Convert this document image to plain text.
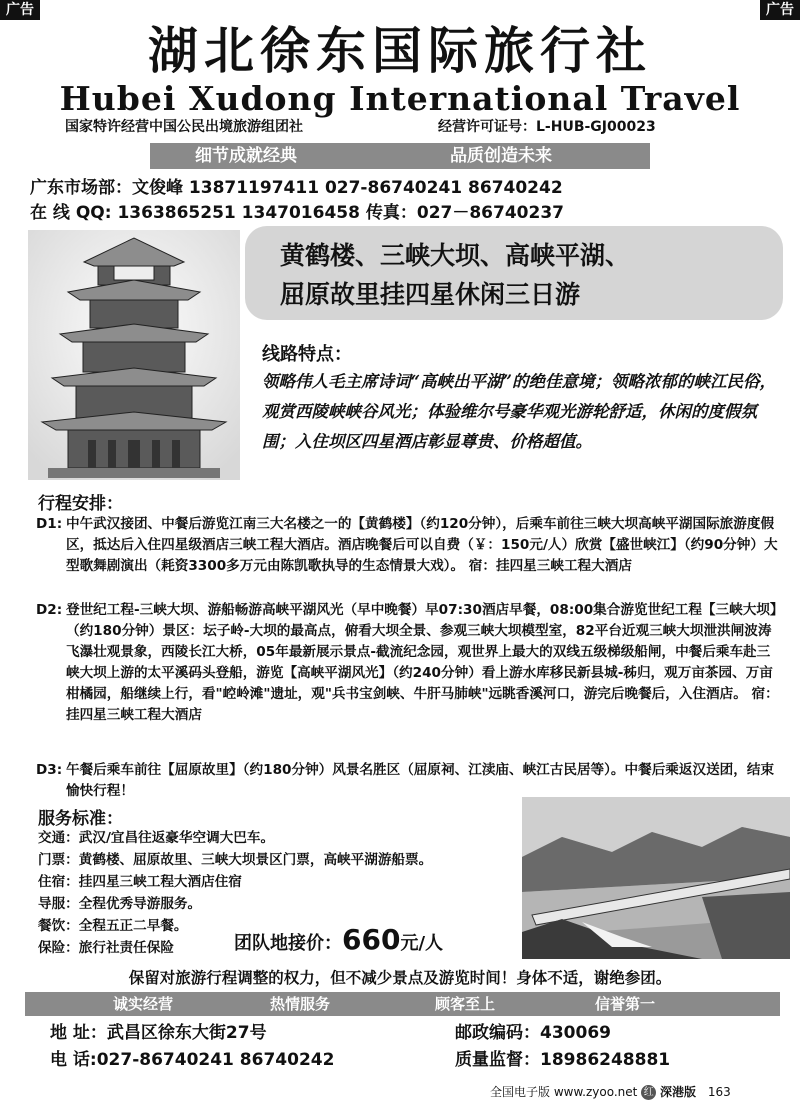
广告	广告
湖北徐东国际旅行社
Hubei Xudong International Travel
国家特许经营中国公民出境旅游组团社	经营许可证号：L-HUB-GJ00023
细节成就经典	品质创造未来
广东市场部：文俊峰 13871197411 027-86740241 86740242
在 线 QQ: 1363865251 1347016458 传真：027－86740237
黄鹤楼、三峡大坝、高峡平湖、
屈原故里挂四星休闲三日游
线路特点：
领略伟人毛主席诗词“高峡出平湖”的绝佳意境；领略浓郁的峡江民俗，观赏西陵峡峡谷风光；体验维尔号豪华观光游轮舒适，休闲的度假氛围；入住坝区四星酒店彰显尊贵、价格超值。
行程安排：
D1: 中午武汉接团、中餐后游览江南三大名楼之一的【黄鹤楼】（约120分钟），后乘车前往三峡大坝高峡平湖国际旅游度假区，抵达后入住四星级酒店三峡工程大酒店。酒店晚餐后可以自费（￥：150元/人）欣赏【盛世峡江】（约90分钟）大型歌舞剧演出（耗资3300多万元由陈凯歌执导的生态情景大戏）。 宿：挂四星三峡工程大酒店
D2: 登世纪工程-三峡大坝、游船畅游高峡平湖风光（早中晚餐）早07:30酒店早餐，08:00集合游览世纪工程【三峡大坝】（约180分钟）景区：坛子岭-大坝的最高点，俯看大坝全景、参观三峡大坝模型室，82平台近观三峡大坝泄洪闸波涛飞瀑壮观景象，西陵长江大桥，05年最新展示景点-截流纪念园，观世界上最大的双线五级梯级船闸，中餐后乘车赴三峡大坝上游的太平溪码头登船，游览【高峡平湖风光】（约240分钟）看上游水库移民新县城-秭归，观万亩茶园、万亩柑橘园，船继续上行，看"崆岭滩"遗址，观"兵书宝剑峡、牛肝马肺峡"远眺香溪河口，游完后晚餐后，入住酒店。 宿：挂四星三峡工程大酒店
D3: 午餐后乘车前往【屈原故里】（约180分钟）风景名胜区（屈原祠、江渎庙、峡江古民居等）。中餐后乘返汉送团，结束愉快行程！
服务标准：
交通：武汉/宜昌往返豪华空调大巴车。
门票：黄鹤楼、屈原故里、三峡大坝景区门票，高峡平湖游船票。
住宿：挂四星三峡工程大酒店住宿
导服：全程优秀导游服务。
餐饮：全程五正二早餐。
保险：旅行社责任保险	团队地接价：660元/人
保留对旅游行程调整的权力，但不减少景点及游览时间！身体不适，谢绝参团。
诚实经营	热情服务	顾客至上	信誉第一
地 址：武昌区徐东大街27号	邮政编码：430069
电 话:027-86740241 86740242	质量监督：18986248881
全国电子版 www.zyoo.net 红 深港版 163
